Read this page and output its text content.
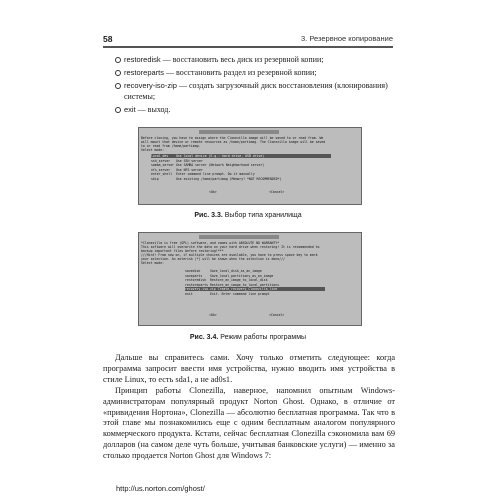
58	3. Резервное копирование
restoredisk — восстановить весь диск из резервной копии;
restoreparts — восстановить раздел из резервной копии;
recovery-iso-zip — создать загрузочный диск восстановления (клонирования) системы;
exit — выход.
Before cloning, you have to assign where the Clonezilla image will be saved to or read from. We
will mount that device or remote resources as /home/partimag. The Clonezilla image will be saved
to or read from /home/partimag.
Select mode:
local_dev    Use local device (E.g.: hard drive, USB drive)
ssh_server   Use SSH server
samba_server Use SAMBA server (Network Neighborhood server)
nfs_server   Use NFS server
enter_shell  Enter command line prompt. Do it manually
skip         Use existing /home/partimag (Memory! *NOT RECOMMENDED*)
<Ok>	<Cancel>
Рис. 3.3. Выбор типа хранилища
*Clonezilla is free (GPL) software, and comes with ABSOLUTE NO WARRANTY*
This software will overwrite the data on your hard drive when restoring! It is recommended to
backup important files before restoring!***
///Hint! From now on, if multiple choices are available, you have to press space key to mark
your selection. An asterisk (*) will be shown when the selection is done///
Select mode:
savedisk     Save_local_disk_as_an_image
saveparts    Save_local_partitions_as_an_image
restoredisk  Restore_an_image_to_local_disk
restoreparts Restore_an_image_to_local_partitions
recovery-iso-zip Create_recovery_Clonezilla_live
exit         Exit. Enter command line prompt
<Ok>	<Cancel>
Рис. 3.4. Режим работы программы

Дальше вы справитесь сами. Хочу только отметить следующее: когда программа запросит ввести имя устройства, нужно вводить имя устройства в стиле Linux, то есть sda1, а не ad0s1.

Принцип работы Clonezilla, наверное, напомнил опытным Windows-администраторам популярный продукт Norton Ghost. Однако, в отличие от «привидения Нортона», Clonezilla — абсолютно бесплатная программа. Так что в этой главе мы познакомились еще с одним бесплатным аналогом популярного коммерческого продукта. Кстати, сейчас бесплатная Clonezilla сэкономила вам 69 долларов (на самом деле чуть больше, учитывая банковские услуги) — именно за столько продается Norton Ghost для Windows 7:

http://us.norton.com/ghost/
